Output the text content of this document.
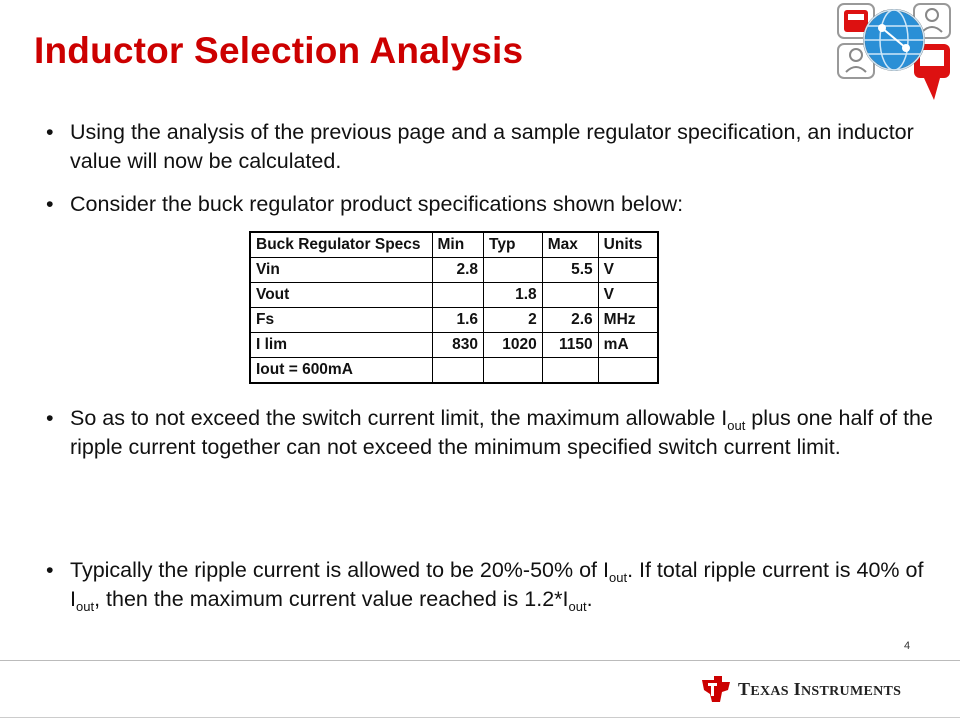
Inductor Selection Analysis
• Using the analysis of the previous page and a sample regulator specification, an inductor value will now be calculated.
• Consider the buck regulator product specifications shown below:
Buck Regulator Specs	Min	Typ	Max	Units
Vin	2.8		5.5	V
Vout		1.8		V
Fs	1.6	2	2.6	MHz
I lim	830	1020	1150	mA
Iout = 600mA				
• So as to not exceed the switch current limit, the maximum allowable $I_{out}$ plus one half of the ripple current together can not exceed the minimum specified switch current limit.
• Typically the ripple current is allowed to be 20%-50% of $I_{out}$. If total ripple current is 40% of $I_{out}$, then the maximum current value reached is $1.2*I_{out}$.
4
TEXAS INSTRUMENTS
